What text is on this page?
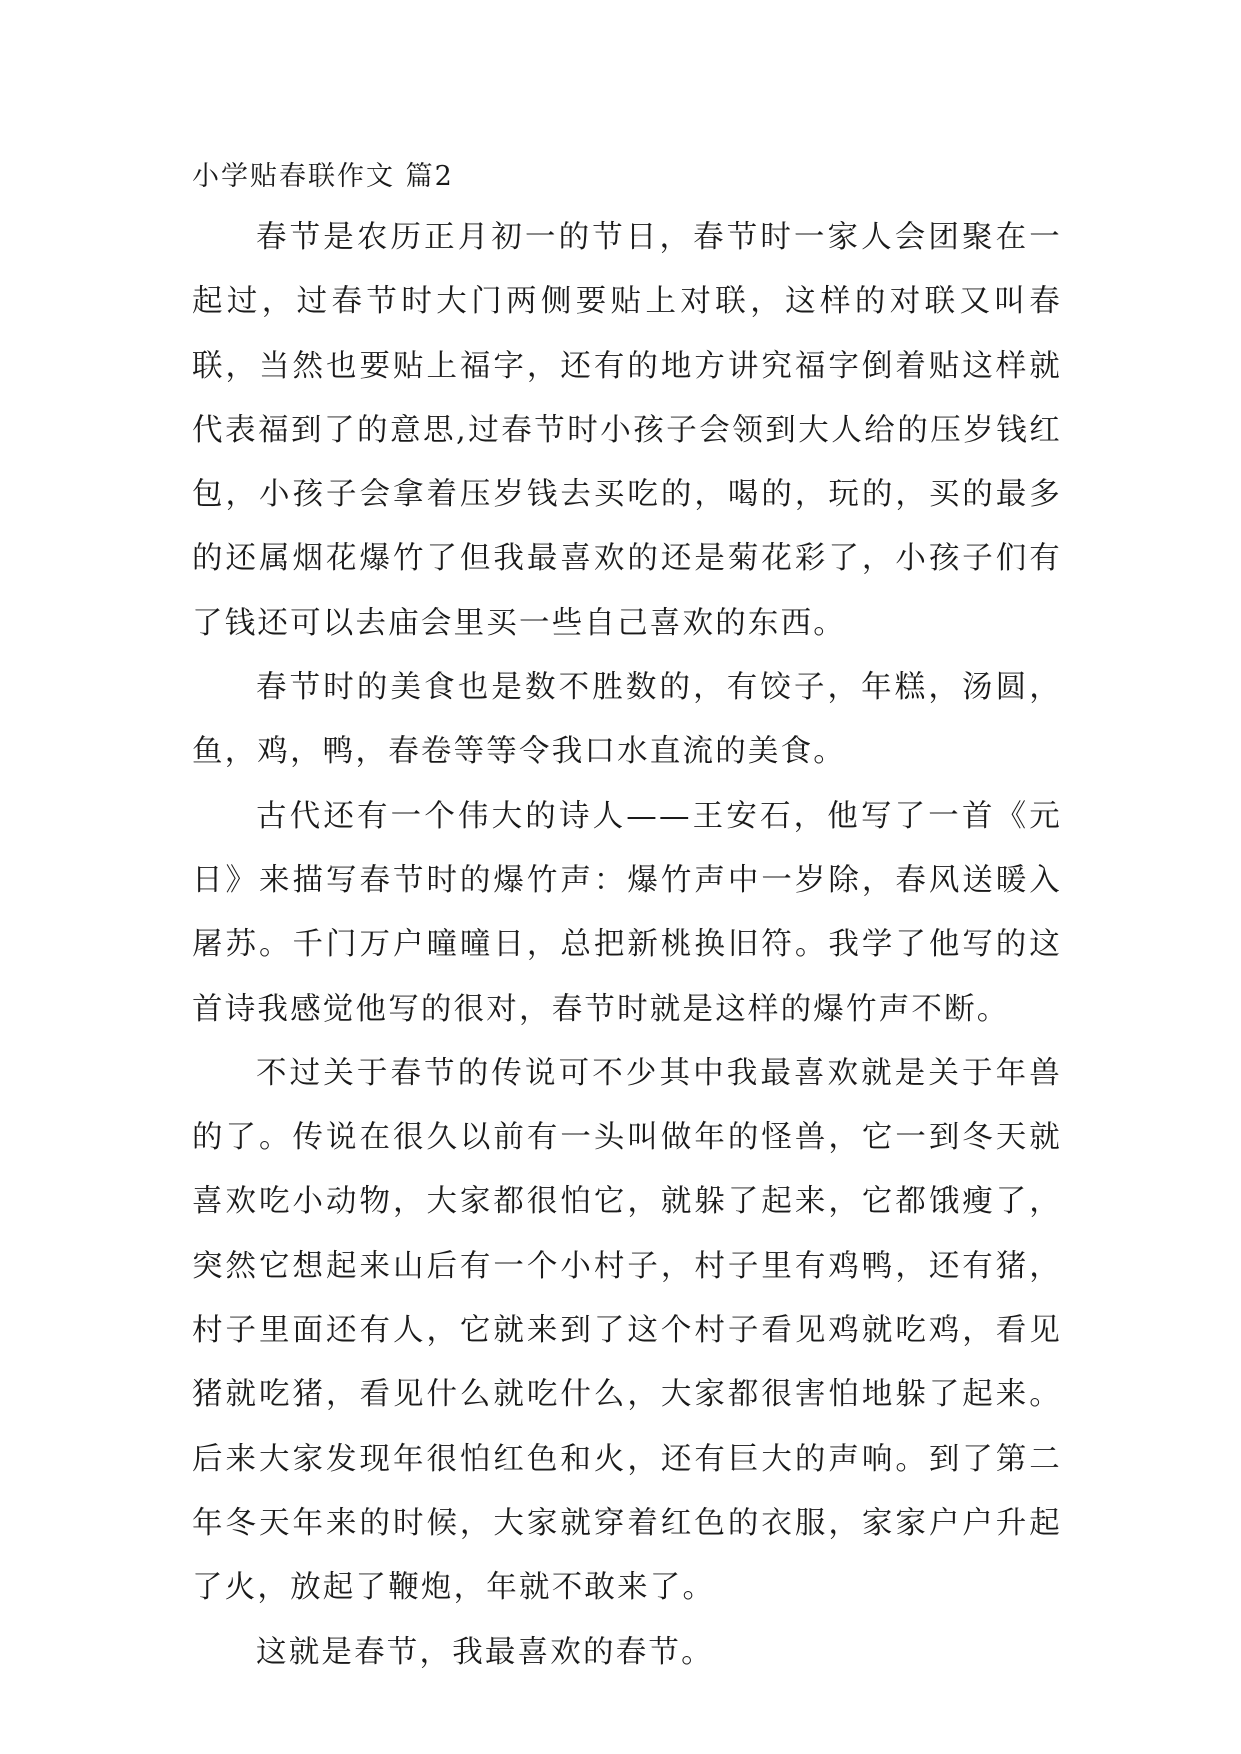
小学贴春联作文 篇2

春节是农历正月初一的节日，春节时一家人会团聚在一起过，过春节时大门两侧要贴上对联，这样的对联又叫春联，当然也要贴上福字，还有的地方讲究福字倒着贴这样就代表福到了的意思,过春节时小孩子会领到大人给的压岁钱红包，小孩子会拿着压岁钱去买吃的，喝的，玩的，买的最多的还属烟花爆竹了但我最喜欢的还是菊花彩了，小孩子们有了钱还可以去庙会里买一些自己喜欢的东西。

春节时的美食也是数不胜数的，有饺子，年糕，汤圆，鱼，鸡，鸭，春卷等等令我口水直流的美食。

古代还有一个伟大的诗人——王安石，他写了一首《元日》来描写春节时的爆竹声：爆竹声中一岁除，春风送暖入屠苏。千门万户曈曈日，总把新桃换旧符。我学了他写的这首诗我感觉他写的很对，春节时就是这样的爆竹声不断。

不过关于春节的传说可不少其中我最喜欢就是关于年兽的了。传说在很久以前有一头叫做年的怪兽，它一到冬天就喜欢吃小动物，大家都很怕它，就躲了起来，它都饿瘦了，突然它想起来山后有一个小村子，村子里有鸡鸭，还有猪，村子里面还有人，它就来到了这个村子看见鸡就吃鸡，看见猪就吃猪，看见什么就吃什么，大家都很害怕地躲了起来。后来大家发现年很怕红色和火，还有巨大的声响。到了第二年冬天年来的时候，大家就穿着红色的衣服，家家户户升起了火，放起了鞭炮，年就不敢来了。

这就是春节，我最喜欢的春节。
